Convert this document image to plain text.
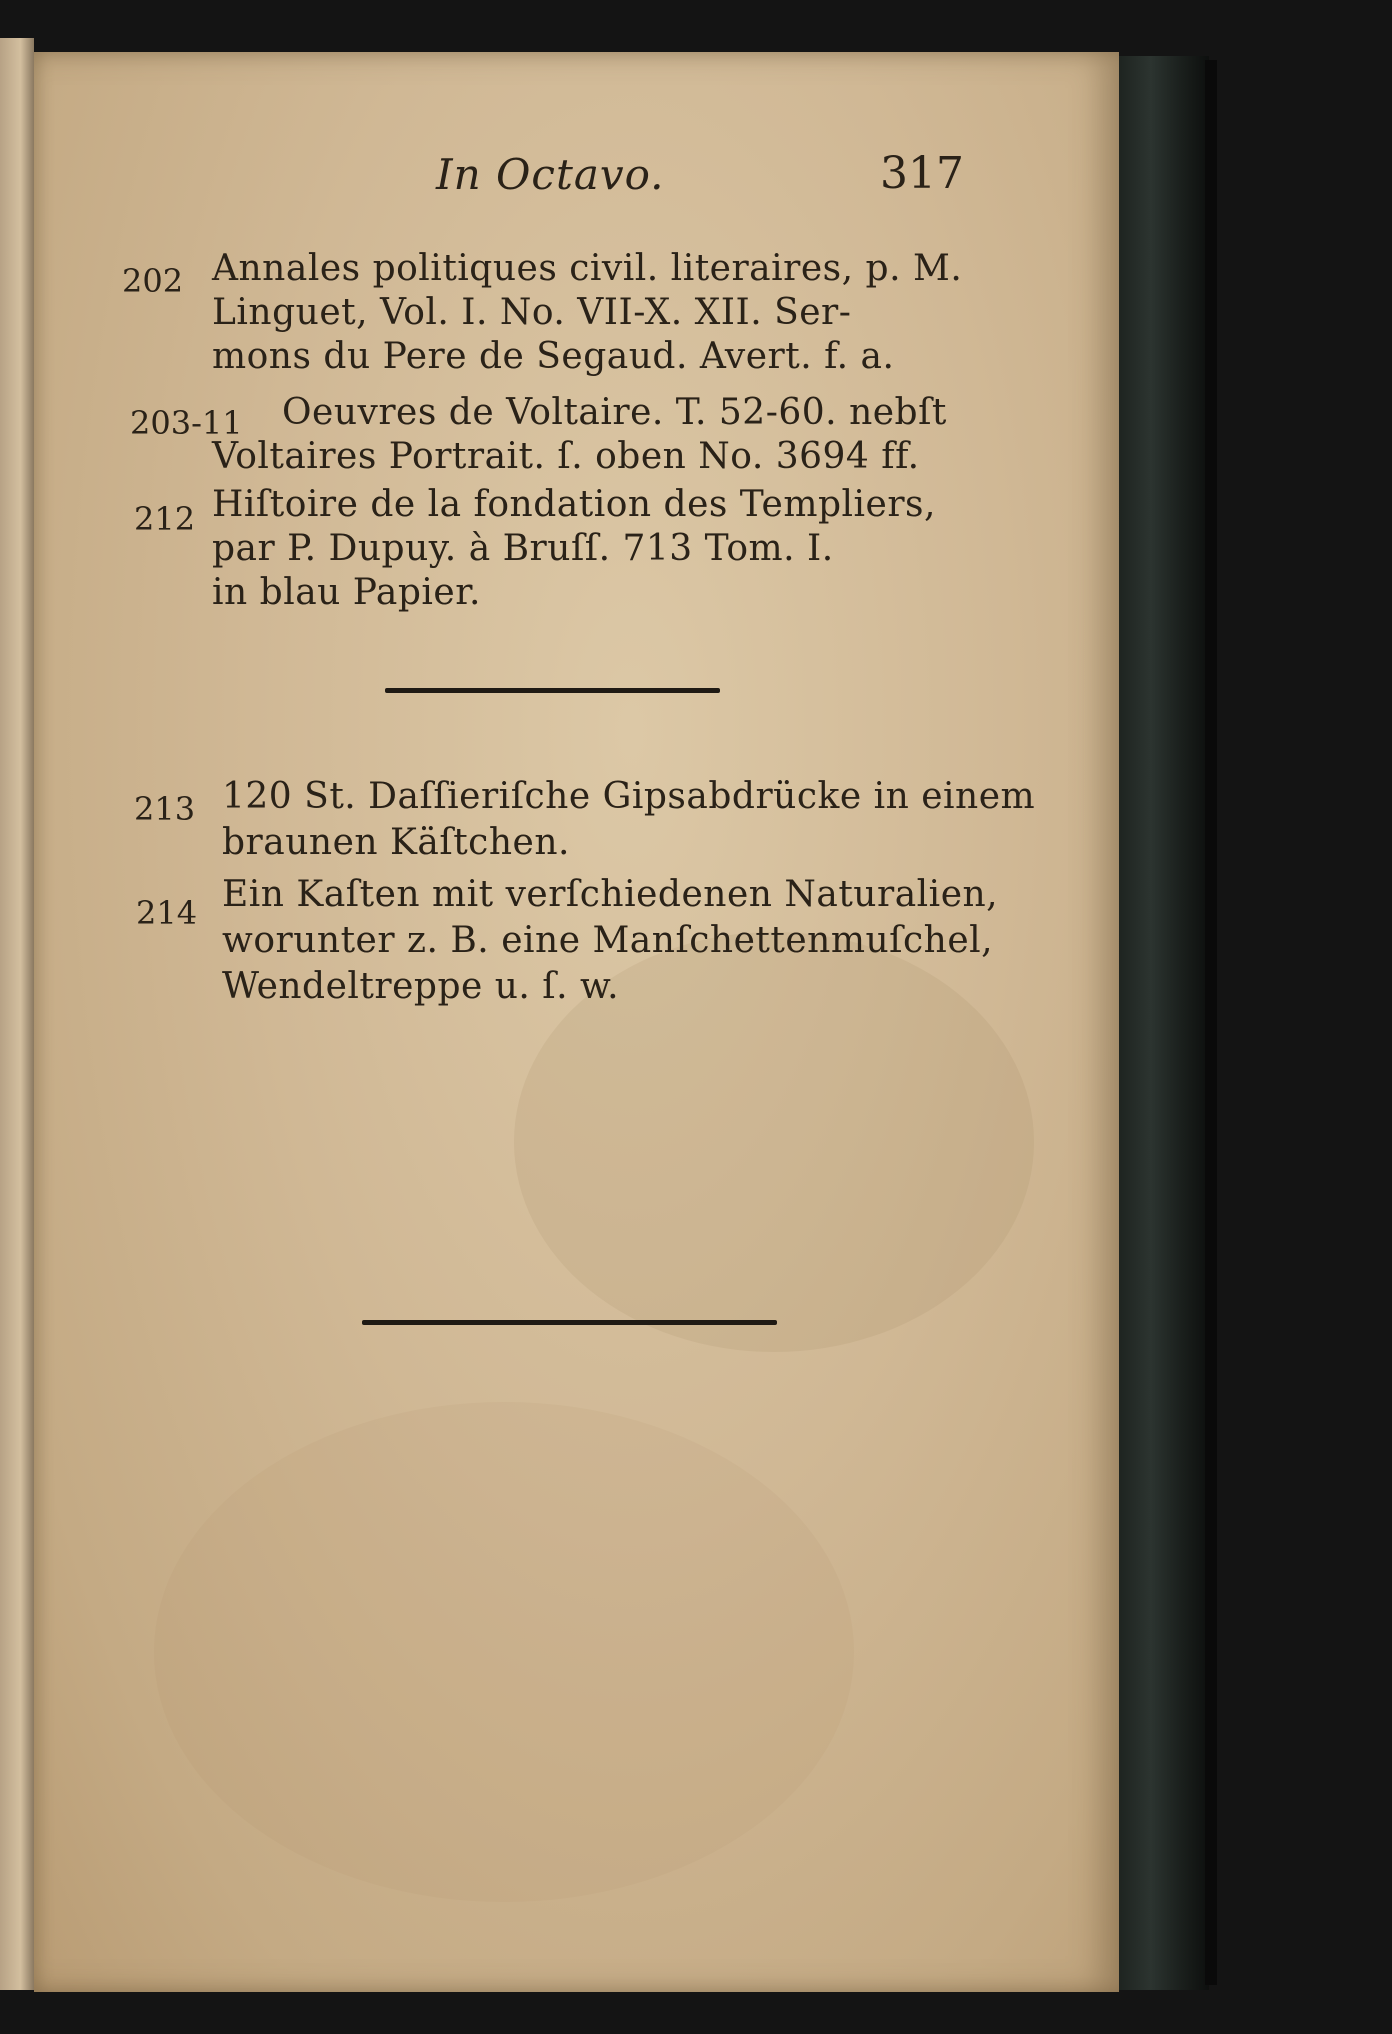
In Octavo.	317
202 Annales politiques civil. literaires, p. M.
Linguet, Vol. I. No. VII-X. XII. Ser-
mons du Pere de Segaud. Avert. f. a.
203-11 Oeuvres de Voltaire. T. 52-60. nebſt
Voltaires Portrait. ſ. oben No. 3694 ff.
212 Hiſtoire de la fondation des Templiers,
par P. Dupuy. à Bruſſ. 713 Tom. I.
in blau Papier.
213 120 St. Daſſieriſche Gipsabdrücke in einem
braunen Käſtchen.
214 Ein Kaſten mit verſchiedenen Naturalien,
worunter z. B. eine Manſchettenmuſchel,
Wendeltreppe u. ſ. w.
